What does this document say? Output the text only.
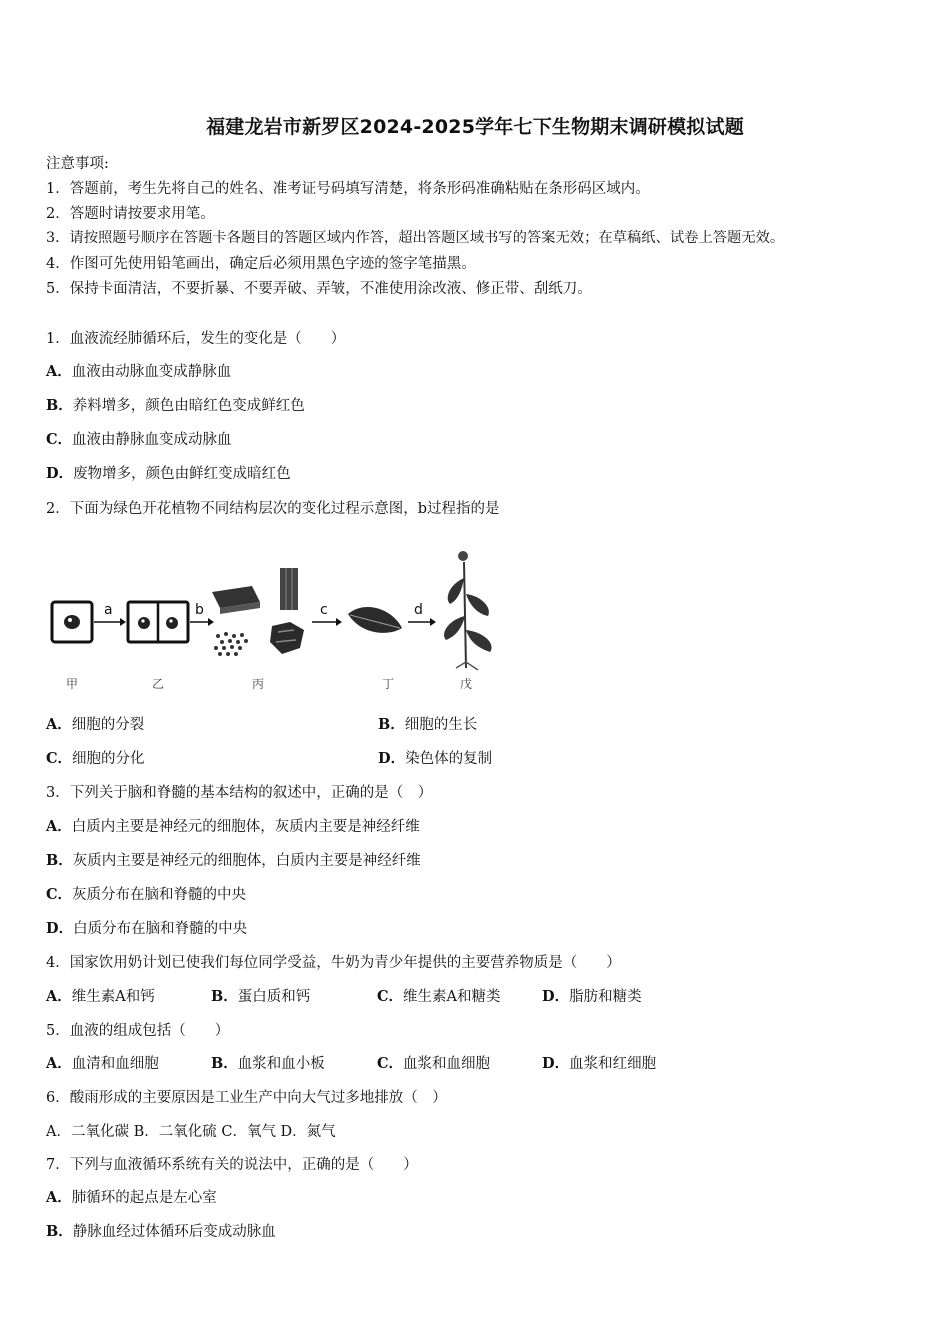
福建龙岩市新罗区2024-2025学年七下生物期末调研模拟试题
注意事项:
1．答题前，考生先将自己的姓名、准考证号码填写清楚，将条形码准确粘贴在条形码区域内。
2．答题时请按要求用笔。
3．请按照题号顺序在答题卡各题目的答题区域内作答，超出答题区域书写的答案无效；在草稿纸、试卷上答题无效。
4．作图可先使用铅笔画出，确定后必须用黑色字迹的签字笔描黑。
5．保持卡面清洁，不要折暴、不要弄破、弄皱，不准使用涂改液、修正带、刮纸刀。
1．血液流经肺循环后，发生的变化是（　　）
A．血液由动脉血变成静脉血
B．养料增多，颜色由暗红色变成鲜红色
C．血液由静脉血变成动脉血
D．废物增多，颜色由鲜红变成暗红色
2．下面为绿色开花植物不同结构层次的变化过程示意图，b过程指的是
a	b	c	d
甲	乙	丙	丁	戊
A．细胞的分裂	B．细胞的生长
C．细胞的分化	D．染色体的复制
3．下列关于脑和脊髓的基本结构的叙述中，正确的是（　）
A．白质内主要是神经元的细胞体，灰质内主要是神经纤维
B．灰质内主要是神经元的细胞体，白质内主要是神经纤维
C．灰质分布在脑和脊髓的中央
D．白质分布在脑和脊髓的中央
4．国家饮用奶计划已使我们每位同学受益，牛奶为青少年提供的主要营养物质是（　　）
A．维生素A和钙	B．蛋白质和钙	C．维生素A和糖类	D．脂肪和糖类
5．血液的组成包括（　　）
A．血清和血细胞	B．血浆和血小板	C．血浆和血细胞	D．血浆和红细胞
6．酸雨形成的主要原因是工业生产中向大气过多地排放（　）
A．二氧化碳 B．二氧化硫 C．氧气 D．氮气
7．下列与血液循环系统有关的说法中，正确的是（　　）
A．肺循环的起点是左心室
B．静脉血经过体循环后变成动脉血
